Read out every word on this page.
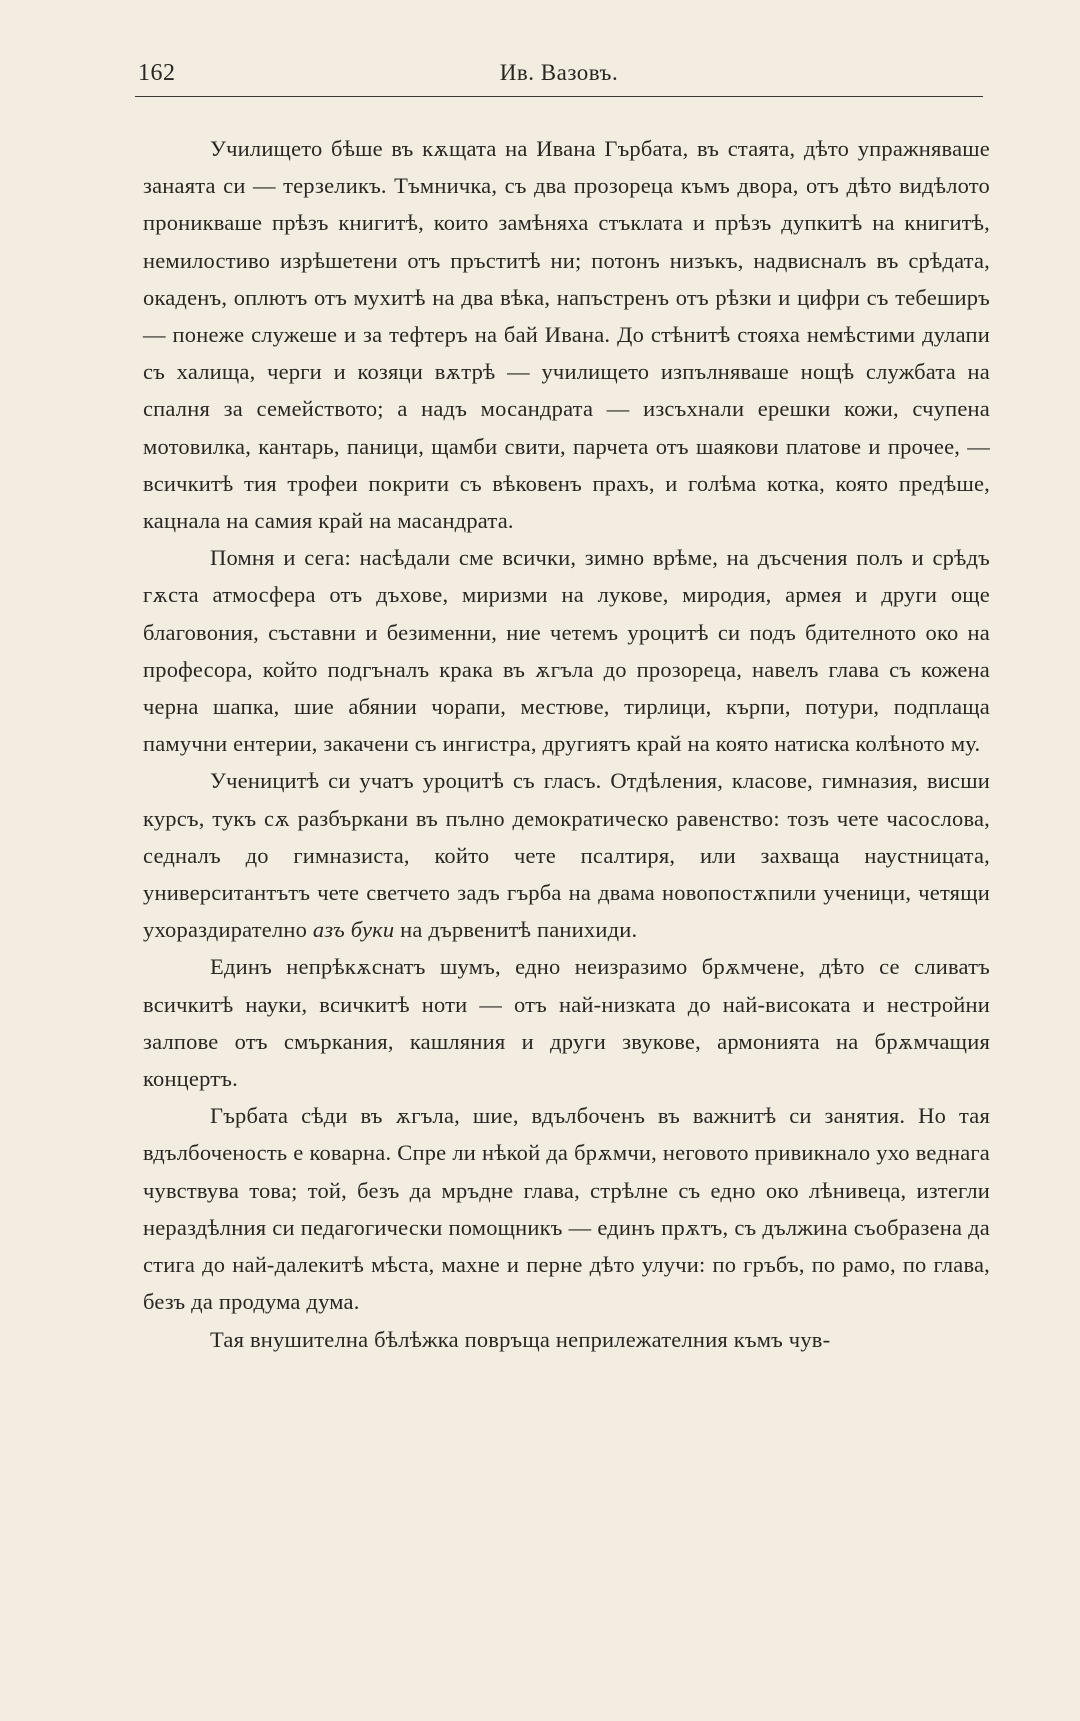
162	Ив. Вазовъ.

Училището бѣше въ кѫщата на Ивана Гърбата, въ стаята, дѣто упражняваше занаята си — терзеликъ. Тъмничка, съ два прозореца къмъ двора, отъ дѣто видѣлото проникваше прѣзъ книгитѣ, които замѣняха стъклата и прѣзъ дупкитѣ на книгитѣ, немилостиво изрѣшетени отъ пръститѣ ни; потонъ низъкъ, надвисналъ въ срѣдата, окаденъ, оплютъ отъ мухитѣ на два вѣка, напъстренъ отъ рѣзки и цифри съ тебеширъ — понеже служеше и за тефтеръ на бай Ивана. До стѣнитѣ стояха немѣстими дулапи съ халища, черги и козяци вѫтрѣ — училището изпълняваше нощѣ службата на спалня за семейството; а надъ мосандрата — изсъхнали ерешки кожи, счупена мотовилка, кантарь, паници, щамби свити, парчета отъ шаякови платове и прочее, — всичкитѣ тия трофеи покрити съ вѣковенъ прахъ, и голѣма котка, която предѣше, кацнала на самия край на масандрата.

Помня и сега: насѣдали сме всички, зимно врѣме, на дъсчения полъ и срѣдъ гѫста атмосфера отъ дъхове, миризми на лукове, миродия, армея и други още благовония, съставни и безименни, ние четемъ уроцитѣ си подъ бдителното око на професора, който подгъналъ крака въ ѫгъла до прозореца, навелъ глава съ кожена черна шапка, шие абянии чорапи, местюве, тирлици, кърпи, потури, подплаща памучни ентерии, закачени съ ингистра, другиятъ край на която натиска колѣното му.

Ученицитѣ си учатъ уроцитѣ съ гласъ. Отдѣления, класове, гимназия, висши курсъ, тукъ сѫ разбъркани въ пълно демократическо равенство: тозъ чете часослова, седналъ до гимназиста, който чете псалтиря, или захваща наустницата, университантътъ чете светчето задъ гърба на двама новопостѫпили ученици, четящи ухораздирателно азъ буки на дървенитѣ панихиди.

Единъ непрѣкѫснатъ шумъ, едно неизразимо брѫмчене, дѣто се сливатъ всичкитѣ науки, всичкитѣ ноти — отъ най-низката до най-високата и нестройни залпове отъ смъркания, кашляния и други звукове, армонията на брѫмчащия концертъ.

Гърбата сѣди въ ѫгъла, шие, вдълбоченъ въ важнитѣ си занятия. Но тая вдълбоченость е коварна. Спре ли нѣкой да брѫмчи, неговото привикнало ухо веднага чувствува това; той, безъ да мръдне глава, стрѣлне съ едно око лѣнивеца, изтегли нераздѣлния си педагогически помощникъ — единъ прѫтъ, съ дължина съобразена да стига до най-далекитѣ мѣста, махне и перне дѣто улучи: по гръбъ, по рамо, по глава, безъ да продума дума.

Тая внушителна бѣлѣжка повръща неприлежателния къмъ чув-
